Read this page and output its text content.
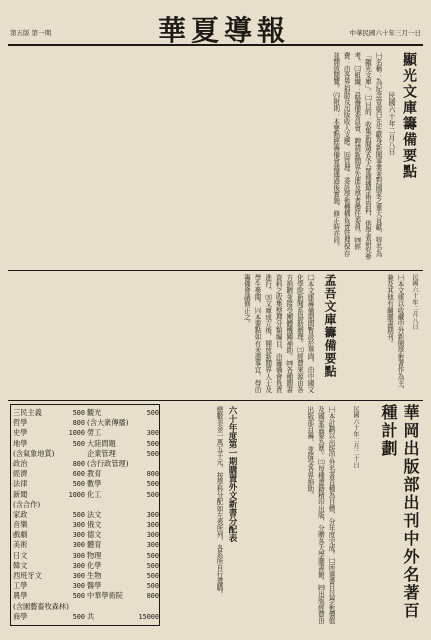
第五版 第一期	華夏導報	中華民國六十年三月一日
顯光文庫籌備要點
民國六十年二月八日
㈠名稱：為紀念曾虛白先生獻身新聞事業並對國家之重大貢獻，特名為「顯光文庫」。㈡目的：收集新聞學及大眾傳播學術資料，供學者研究參考。㈢組織：設籌備委員會，聘請新聞界先進及學者擔任委員。㈣經費：由各界捐助及出版收入支應。㈤管理：委託學術機構負責管理保存並開放閱覽。㈥附則：本要點經籌備會議通過後實施，修正時亦同。
民國六十年二月八日
㈠本文庫以收藏中外新聞學術著作為主，兼及其他有關圖書期刊。
孟吾文庫籌備要點
㈡本文庫籌備期間暫設於華岡，由中國文化學院新聞系協助辦理。㈢經費來源由各方捐贈並接受團體機關補助。㈣各種圖書資料之收集整理分類編目，由籌備會負責進行。㈤文庫成立後，開放新聞界人士及學生參閱。㈥本要點如有未盡事宜，得由籌備會議修正之。
三民主義	500
哲學	800
史學	1000
地學	500
(含氣象地質)
政治	800
經濟	600
法律	500
新聞	1000
(含合作)
家政	500
音樂	300
戲劇	300
美術	300
日文	300
韓文	300
西班牙文	300
工學	300
農學	500
(含園藝畜牧森林)
商學	500
觀光	500
(含大衆傳播)
勞工	300
大陸問題	500
企業管理	500
(含行政管理)
教育	800
數學	500
化工	500
法文	300
俄文	300
德文	300
體育	300
物理	500
化學	500
生物	500
醫學	500
中華學術院	800
共	15000
總數美金一萬五千元，按學科分配如左表所列，各系所自行選購。 六十年度第一期購置外文新書分配表	㈠本計劃以出版中外名著百種為目標，分年度完成。㈡所選書目以學術價值及國家需要為準。㈢每種書籍精印出版，分贈各大學圖書館。㈣出版經費由出版部自籌，並接受各界捐助。	民國六十年二月二十日	華岡出版部出刊中外名著百種計劃
